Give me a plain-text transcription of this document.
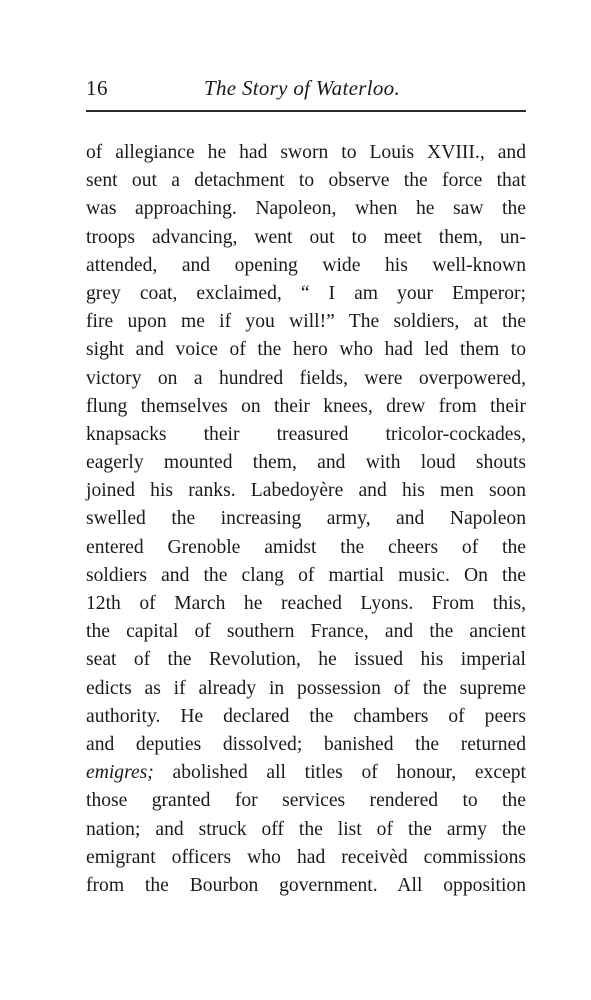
16	The Story of Waterloo.
of allegiance he had sworn to Louis XVIII., and
sent out a detachment to observe the force that
was approaching. Napoleon, when he saw the
troops advancing, went out to meet them, un-
attended, and opening wide his well-known
grey coat, exclaimed, “ I am your Emperor;
fire upon me if you will!” The soldiers, at the
sight and voice of the hero who had led them to
victory on a hundred fields, were overpowered,
flung themselves on their knees, drew from their
knapsacks their treasured tricolor-cockades,
eagerly mounted them, and with loud shouts
joined his ranks. Labedoyère and his men soon
swelled the increasing army, and Napoleon
entered Grenoble amidst the cheers of the
soldiers and the clang of martial music. On the
12th of March he reached Lyons. From this,
the capital of southern France, and the ancient
seat of the Revolution, he issued his imperial
edicts as if already in possession of the supreme
authority. He declared the chambers of peers
and deputies dissolved; banished the returned
emigres; abolished all titles of honour, except
those granted for services rendered to the
nation; and struck off the list of the army the
emigrant officers who had receivèd commissions
from the Bourbon government. All opposition
